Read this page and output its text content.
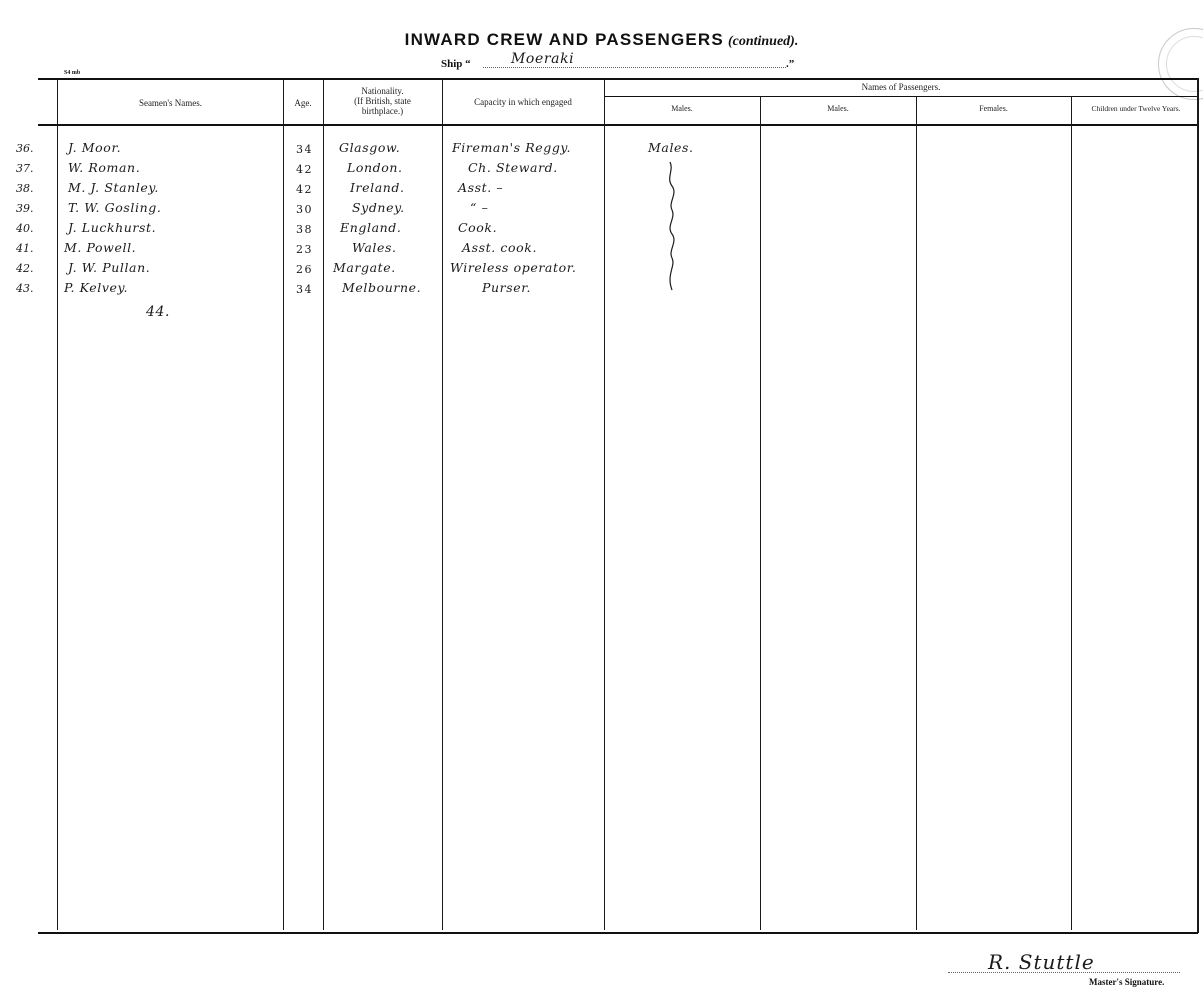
INWARD CREW AND PASSENGERS (continued).
Ship “	Moeraki	.”
S4 mb
Seamen's Names.	Age.
Nationality.
(If British, state
birthplace.)
Capacity in which engaged
Names of Passengers.
Males.	Males.	Females.	Children under Twelve Years.
36.	J. Moor.	34 Glasgow.	Fireman's Reggy.	Males.
37.	W. Roman.	42	London.	Ch. Steward.
38.	M. J. Stanley.	42	Ireland.	Asst. –
39.	T. W. Gosling.	30	Sydney.	“ –
40.	J. Luckhurst.	38 England.	Cook.
41. M. Powell.	23	Wales.	Asst. cook.
42.	J. W. Pullan.	26 Margate.	Wireless operator.
43. P. Kelvey.	34 Melbourne.	Purser.
44.
R. Stuttle
Master's Signature.
